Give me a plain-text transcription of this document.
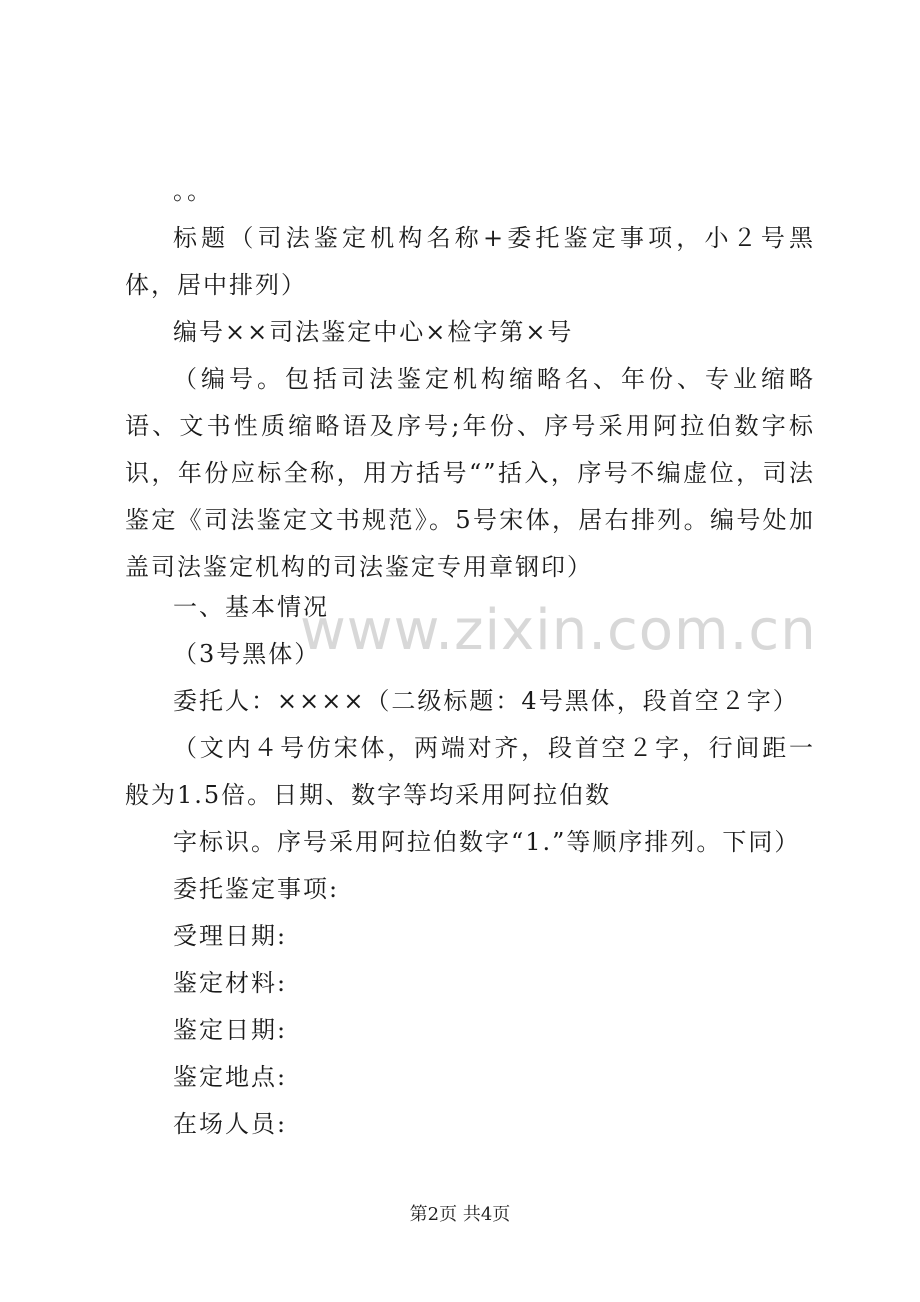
。。

标题（司法鉴定机构名称+委托鉴定事项，小２号黑体，居中排列）

编号××司法鉴定中心×检字第×号

（编号。包括司法鉴定机构缩略名、年份、专业缩略语、文书性质缩略语及序号;年份、序号采用阿拉伯数字标识，年份应标全称，用方括号“”括入，序号不编虚位，司法鉴定《司法鉴定文书规范》。5号宋体，居右排列。编号处加盖司法鉴定机构的司法鉴定专用章钢印）

一、基本情况

（3号黑体）

委托人：××××（二级标题：4号黑体，段首空２字）

（文内４号仿宋体，两端对齐，段首空２字，行间距一般为1.5倍。日期、数字等均采用阿拉伯数

字标识。序号采用阿拉伯数字“1.”等顺序排列。下同）

委托鉴定事项:

受理日期:

鉴定材料:

鉴定日期:

鉴定地点:

在场人员:

www.zixin.com.cn
第2页 共4页
